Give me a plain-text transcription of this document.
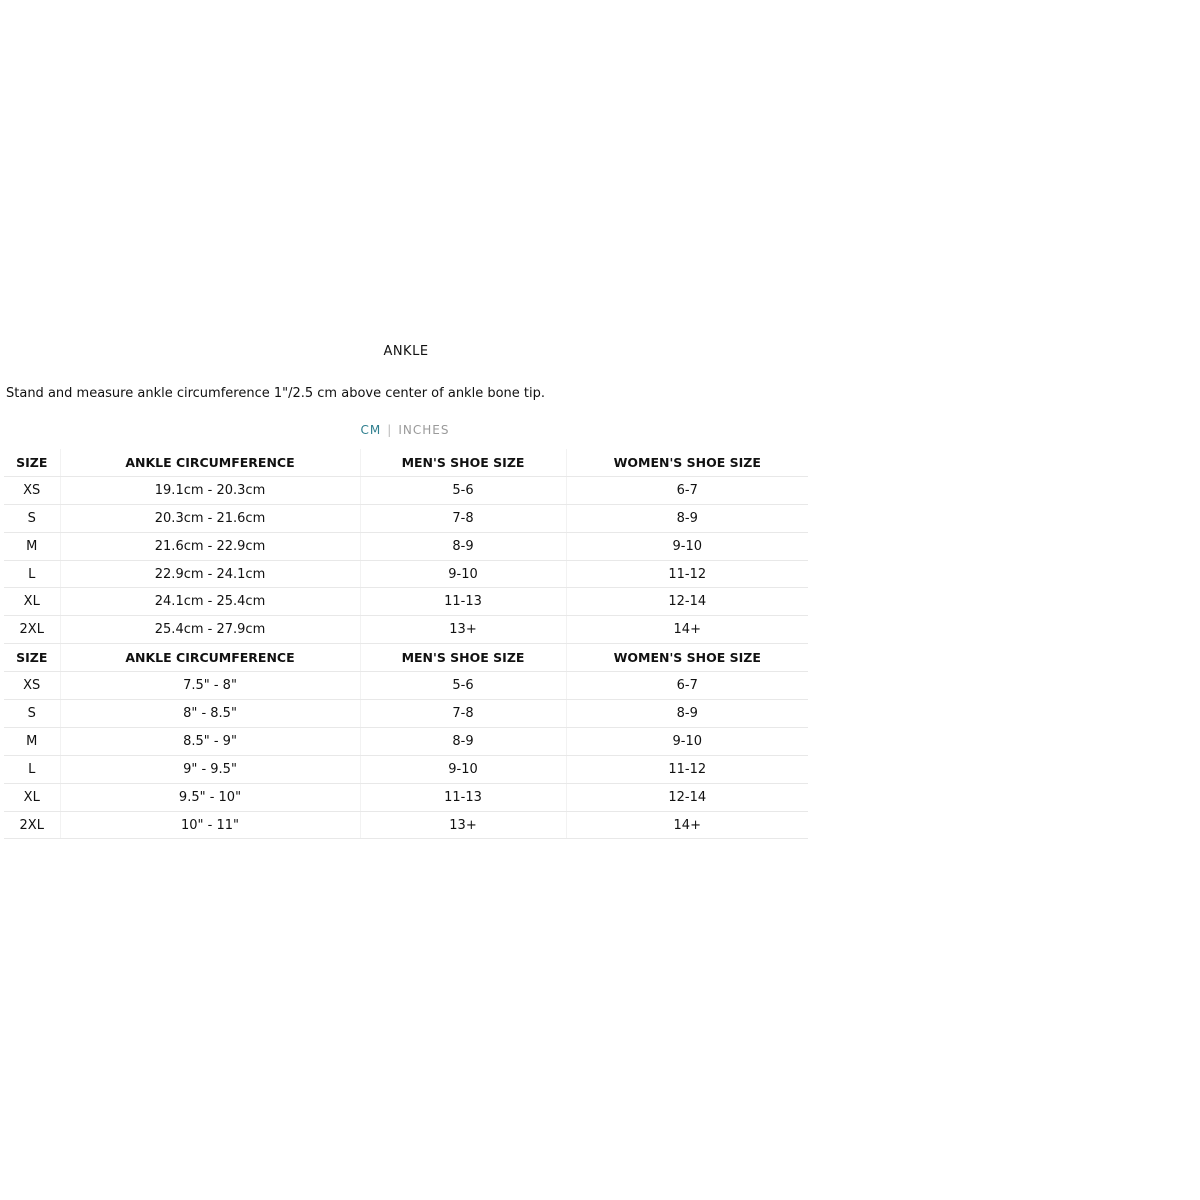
ANKLE
Stand and measure ankle circumference 1"/2.5 cm above center of ankle bone tip.
CM | INCHES
SIZE	ANKLE CIRCUMFERENCE	MEN'S SHOE SIZE	WOMEN'S SHOE SIZE
XS	19.1cm - 20.3cm	5-6	6-7
S	20.3cm - 21.6cm	7-8	8-9
M	21.6cm - 22.9cm	8-9	9-10
L	22.9cm - 24.1cm	9-10	11-12
XL	24.1cm - 25.4cm	11-13	12-14
2XL	25.4cm - 27.9cm	13+	14+
SIZE	ANKLE CIRCUMFERENCE	MEN'S SHOE SIZE	WOMEN'S SHOE SIZE
XS	7.5" - 8"	5-6	6-7
S	8" - 8.5"	7-8	8-9
M	8.5" - 9"	8-9	9-10
L	9" - 9.5"	9-10	11-12
XL	9.5" - 10"	11-13	12-14
2XL	10" - 11"	13+	14+
